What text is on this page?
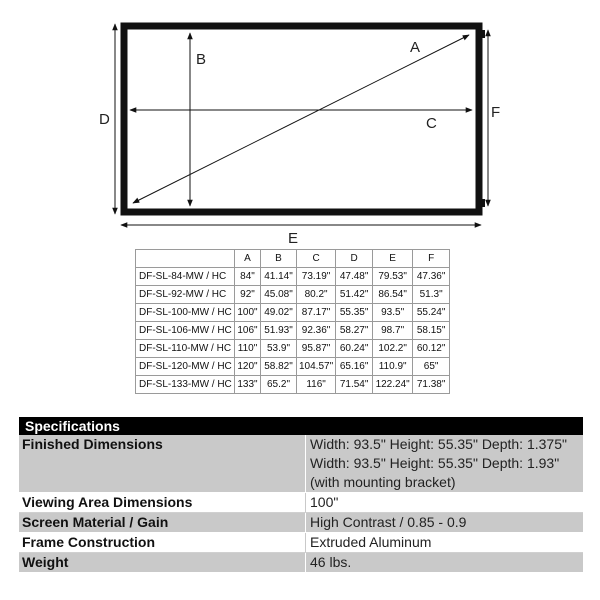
A
B
C
D
E
F
	A	B	C	D	E	F
DF-SL-84-MW / HC	84"	41.14"	73.19"	47.48"	79.53"	47.36"
DF-SL-92-MW / HC	92"	45.08"	80.2"	51.42"	86.54"	51.3"
DF-SL-100-MW / HC	100"	49.02"	87.17"	55.35"	93.5"	55.24"
DF-SL-106-MW / HC	106"	51.93"	92.36"	58.27"	98.7"	58.15"
DF-SL-110-MW / HC	110"	53.9"	95.87"	60.24"	102.2"	60.12"
DF-SL-120-MW / HC	120"	58.82"	104.57"	65.16"	110.9"	65"
DF-SL-133-MW / HC	133"	65.2"	116"	71.54"	122.24"	71.38"
Specifications
Finished Dimensions	Width: 93.5" Height: 55.35" Depth: 1.375"
Width: 93.5" Height: 55.35" Depth: 1.93"
(with mounting bracket)
Viewing Area Dimensions	100"
Screen Material / Gain	High Contrast / 0.85 - 0.9
Frame Construction	Extruded Aluminum
Weight	46 lbs.
